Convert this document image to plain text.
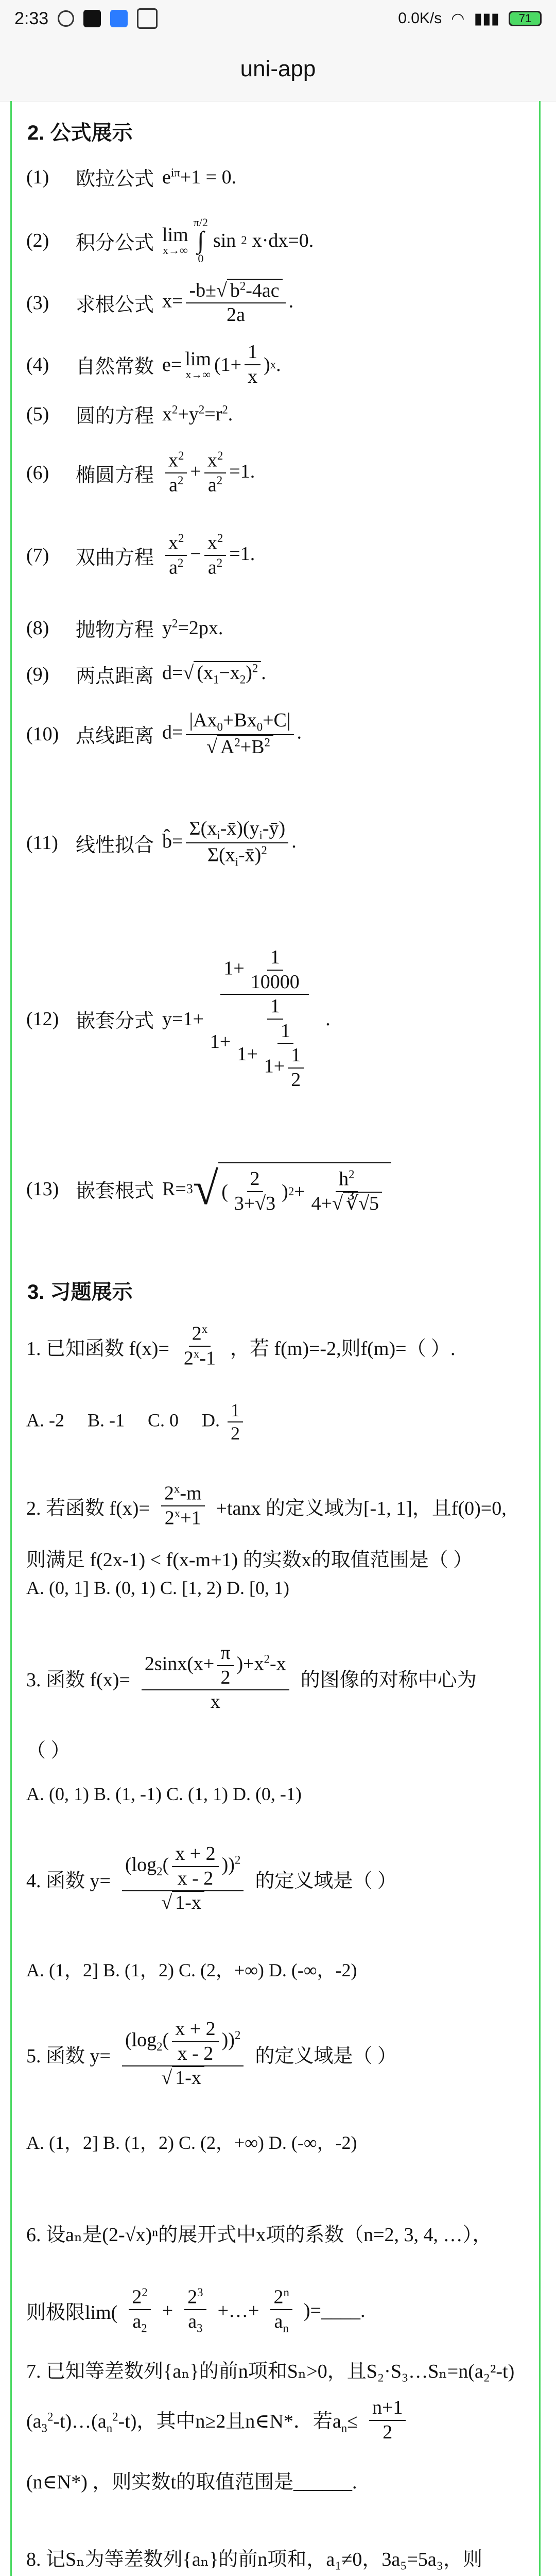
2:33	0.0K/s ◠ ▮▮▮	71
uni-app
2. 公式展示
(1)	欧拉公式 $e^{i\pi}+1 = 0$.
(2)	积分公式 lim
x→∞
π/2
∫
0
sin 2 x·dx=0.
(3)	求根公式 $x= \frac{-b\pm√ b^2-4ac}{2a}$ .
(4)	自然常数 e= lim
x→∞ ($1+ \frac{1}{x}$ ) x .
(5)	圆的方程 $x^2+y^2=r^2$.
(6)	椭圆方程 $\frac{x^2}{a^2} + \frac{x^2}{a^2} =1$.
(7)	双曲方程 $\frac{x^2}{a^2} - \frac{x^2}{a^2} =1$.
(8)	抛物方程 $y^2=2px$.
(9)	两点距离 d=√ $(x_1-x_2)^2$ .
(10) 点线距离 $d= \frac{|Ax_0+Bx_0+C|}{√ A^2+B^2}$ .
(11) 线性拟合 b̂= $\frac{\Sigma(x_i-x̄)(y_i-ȳ)}{\Sigma(x_i-x̄)^2}$ .
(12) 嵌套分式 $y=1+ \frac{1+ \frac{1}{10000}}{1+ \frac{1}{1+ \frac{1}{1+ \frac{1}{2}}}}$ .
(13) 嵌套根式 R= 3 √ ( $\frac{2}{3+√3}$ ) $2 + \frac{h^2}{4+√ ∛√5}$
3. 习题展示
1. 已知函数 $f(x)= \frac{2^x}{2^x-1}$ ，若 f(m)=-2,则f(m)=（ ）.
A. -2     B. -1     C. 0     D. $\frac{1}{2}$
2. 若函数 $f(x)= \frac{2^x-m}{2^x+1} +\tan x$ 的定义域为[-1, 1]，且f(0)=0,
则满足 f(2x-1) < f(x-m+1) 的实数x的取值范围是（ ）
A. (0, 1] B. (0, 1) C. [1, 2) D. [0, 1)
3. 函数 $f(x)= \frac{2\sin x(x+ \frac{\pi}{2} )+x^2-x}{x}$ 的图像的对称中心为
（ ）
A. (0, 1) B. (1, -1) C. (1, 1) D. (0, -1)
4. 函数 $y= \frac{(\log_2( \frac{x + 2}{x - 2} ))^2}{√ 1-x}$ 的定义域是（ ）
A. (1，2] B. (1，2) C. (2，+∞) D. (-∞，-2)
5. 函数 $y= \frac{(\log_2( \frac{x + 2}{x - 2} ))^2}{√ 1-x}$ 的定义域是（ ）
A. (1，2] B. (1，2) C. (2，+∞) D. (-∞，-2)
6. 设aₙ是(2-√x)ⁿ的展开式中x项的系数（n=2, 3, 4, …），
则极限$\lim( \frac{2^2}{a_2} + \frac{2^3}{a_3}$ +…+ $\frac{2^n}{a_n}$ )=____.
7. 已知等差数列{aₙ}的前n项和Sₙ>0，且S₂·S₃…Sₙ=n(a₂²-t)
$(a_3^2-t)\dots(a_n^2-t)$，其中n≥2且n∈N*．若$a_n\le \frac{n+1}{2}$
(n∈N*) ，则实数t的取值范围是______.
8. 记Sₙ为等差数列{aₙ}的前n项和，a₁≠0，3a₅=5a₃，则
